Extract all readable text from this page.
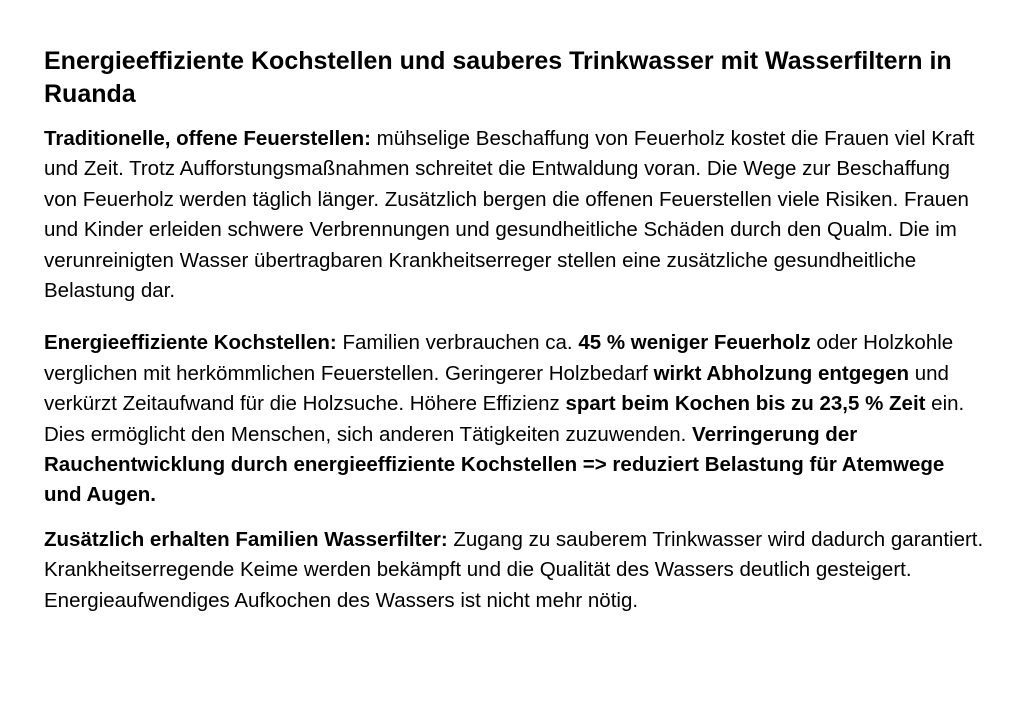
Energieeffiziente Kochstellen und sauberes Trinkwasser mit Wasserfiltern in Ruanda

Traditionelle, offene Feuerstellen: mühselige Beschaffung von Feuerholz kostet die Frauen viel Kraft und Zeit. Trotz Aufforstungsmaßnahmen schreitet die Entwaldung voran. Die Wege zur Beschaffung von Feuerholz werden täglich länger. Zusätzlich bergen die offenen Feuerstellen viele Risiken. Frauen und Kinder erleiden schwere Verbrennungen und gesundheitliche Schäden durch den Qualm. Die im verunreinigten Wasser übertragbaren Krankheitserreger stellen eine zusätzliche gesundheitliche Belastung dar.

Energieeffiziente Kochstellen: Familien verbrauchen ca. 45 % weniger Feuerholz oder Holzkohle verglichen mit herkömmlichen Feuerstellen. Geringerer Holzbedarf wirkt Abholzung entgegen und verkürzt Zeitaufwand für die Holzsuche. Höhere Effizienz spart beim Kochen bis zu 23,5 % Zeit ein. Dies ermöglicht den Menschen, sich anderen Tätigkeiten zuzuwenden. Verringerung der Rauchentwicklung durch energieeffiziente Kochstellen => reduziert Belastung für Atemwege und Augen.

Zusätzlich erhalten Familien Wasserfilter: Zugang zu sauberem Trinkwasser wird dadurch garantiert. Krankheitserregende Keime werden bekämpft und die Qualität des Wassers deutlich gesteigert. Energieaufwendiges Aufkochen des Wassers ist nicht mehr nötig.
